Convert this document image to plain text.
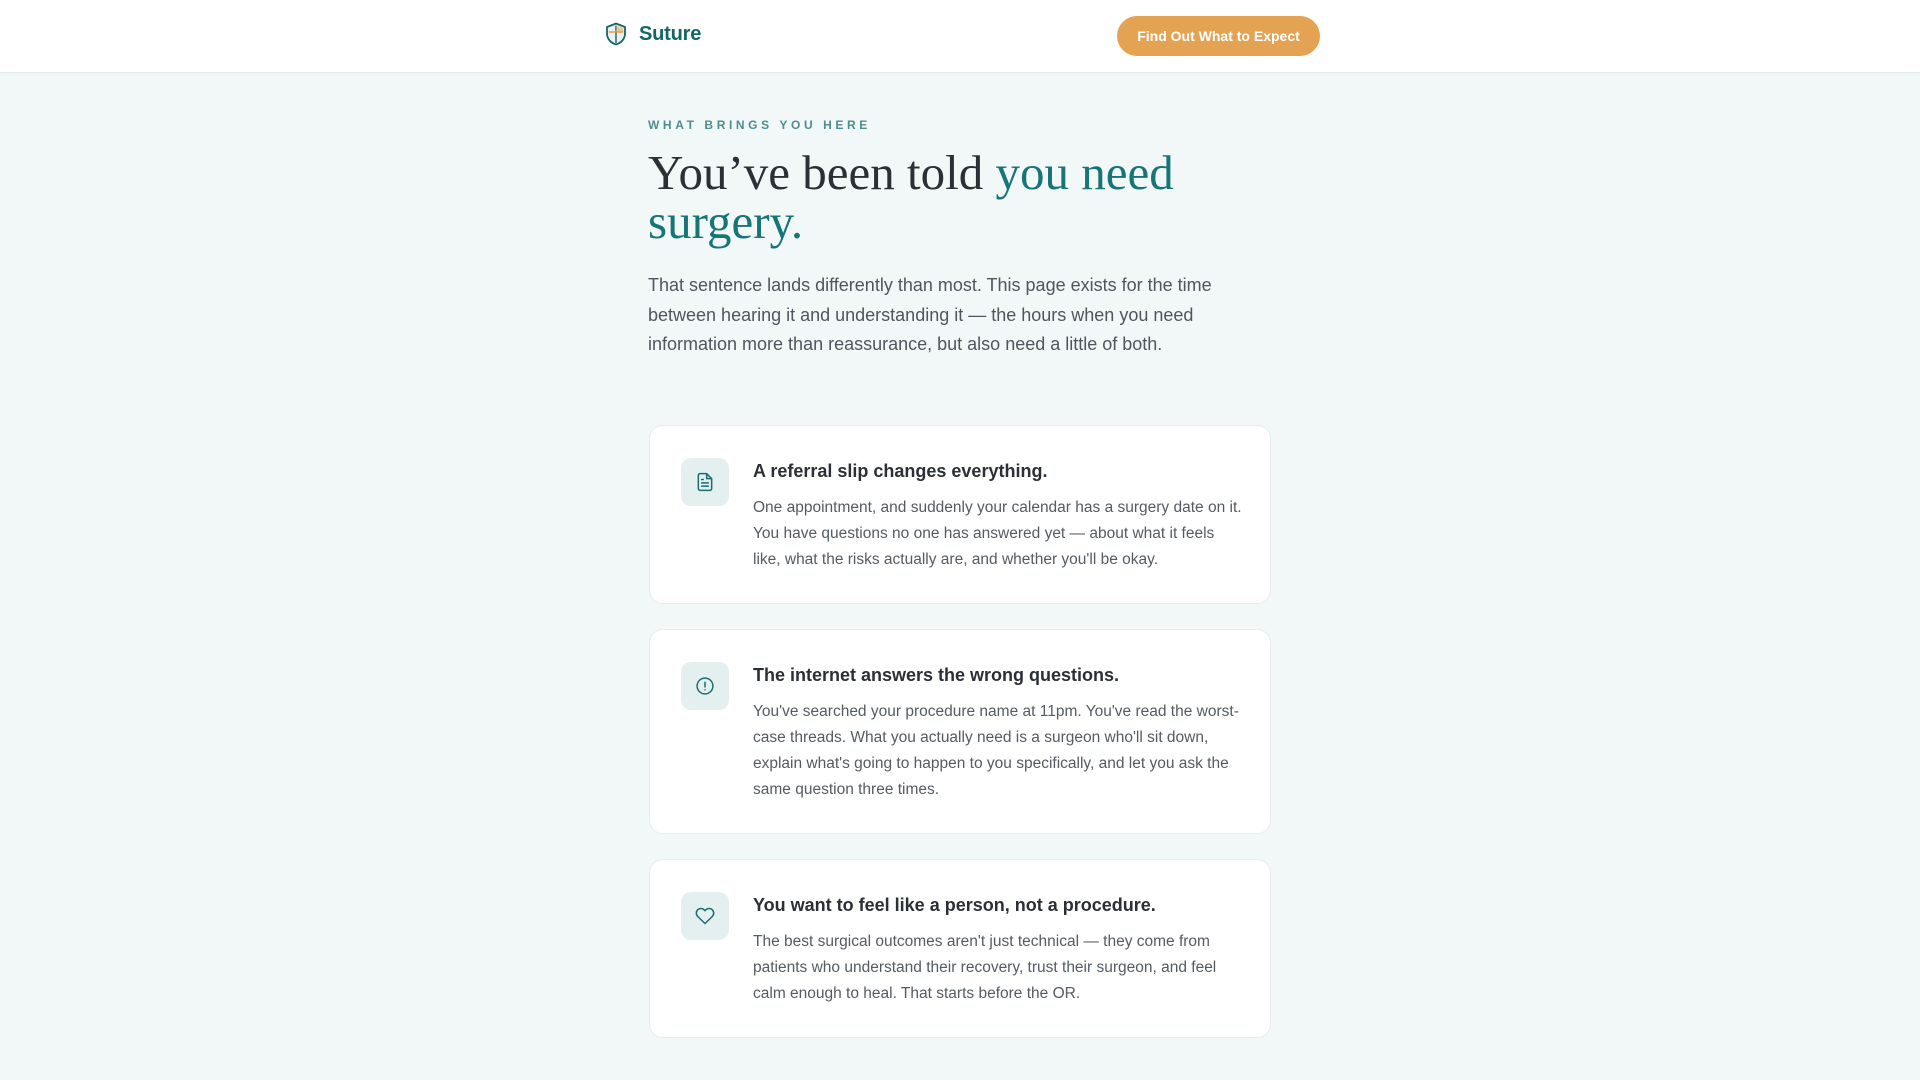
Suture	Find Out What to Expect
WHAT BRINGS YOU HERE
You’ve been told you need surgery.

That sentence lands differently than most. This page exists for the time between hearing it and understanding it — the hours when you need information more than reassurance, but also need a little of both.

A referral slip changes everything.

One appointment, and suddenly your calendar has a surgery date on it. You have questions no one has answered yet — about what it feels like, what the risks actually are, and whether you'll be okay.

The internet answers the wrong questions.

You've searched your procedure name at 11pm. You've read the worst-case threads. What you actually need is a surgeon who'll sit down, explain what's going to happen to you specifically, and let you ask the same question three times.

You want to feel like a person, not a procedure.

The best surgical outcomes aren't just technical — they come from patients who understand their recovery, trust their surgeon, and feel calm enough to heal. That starts before the OR.
